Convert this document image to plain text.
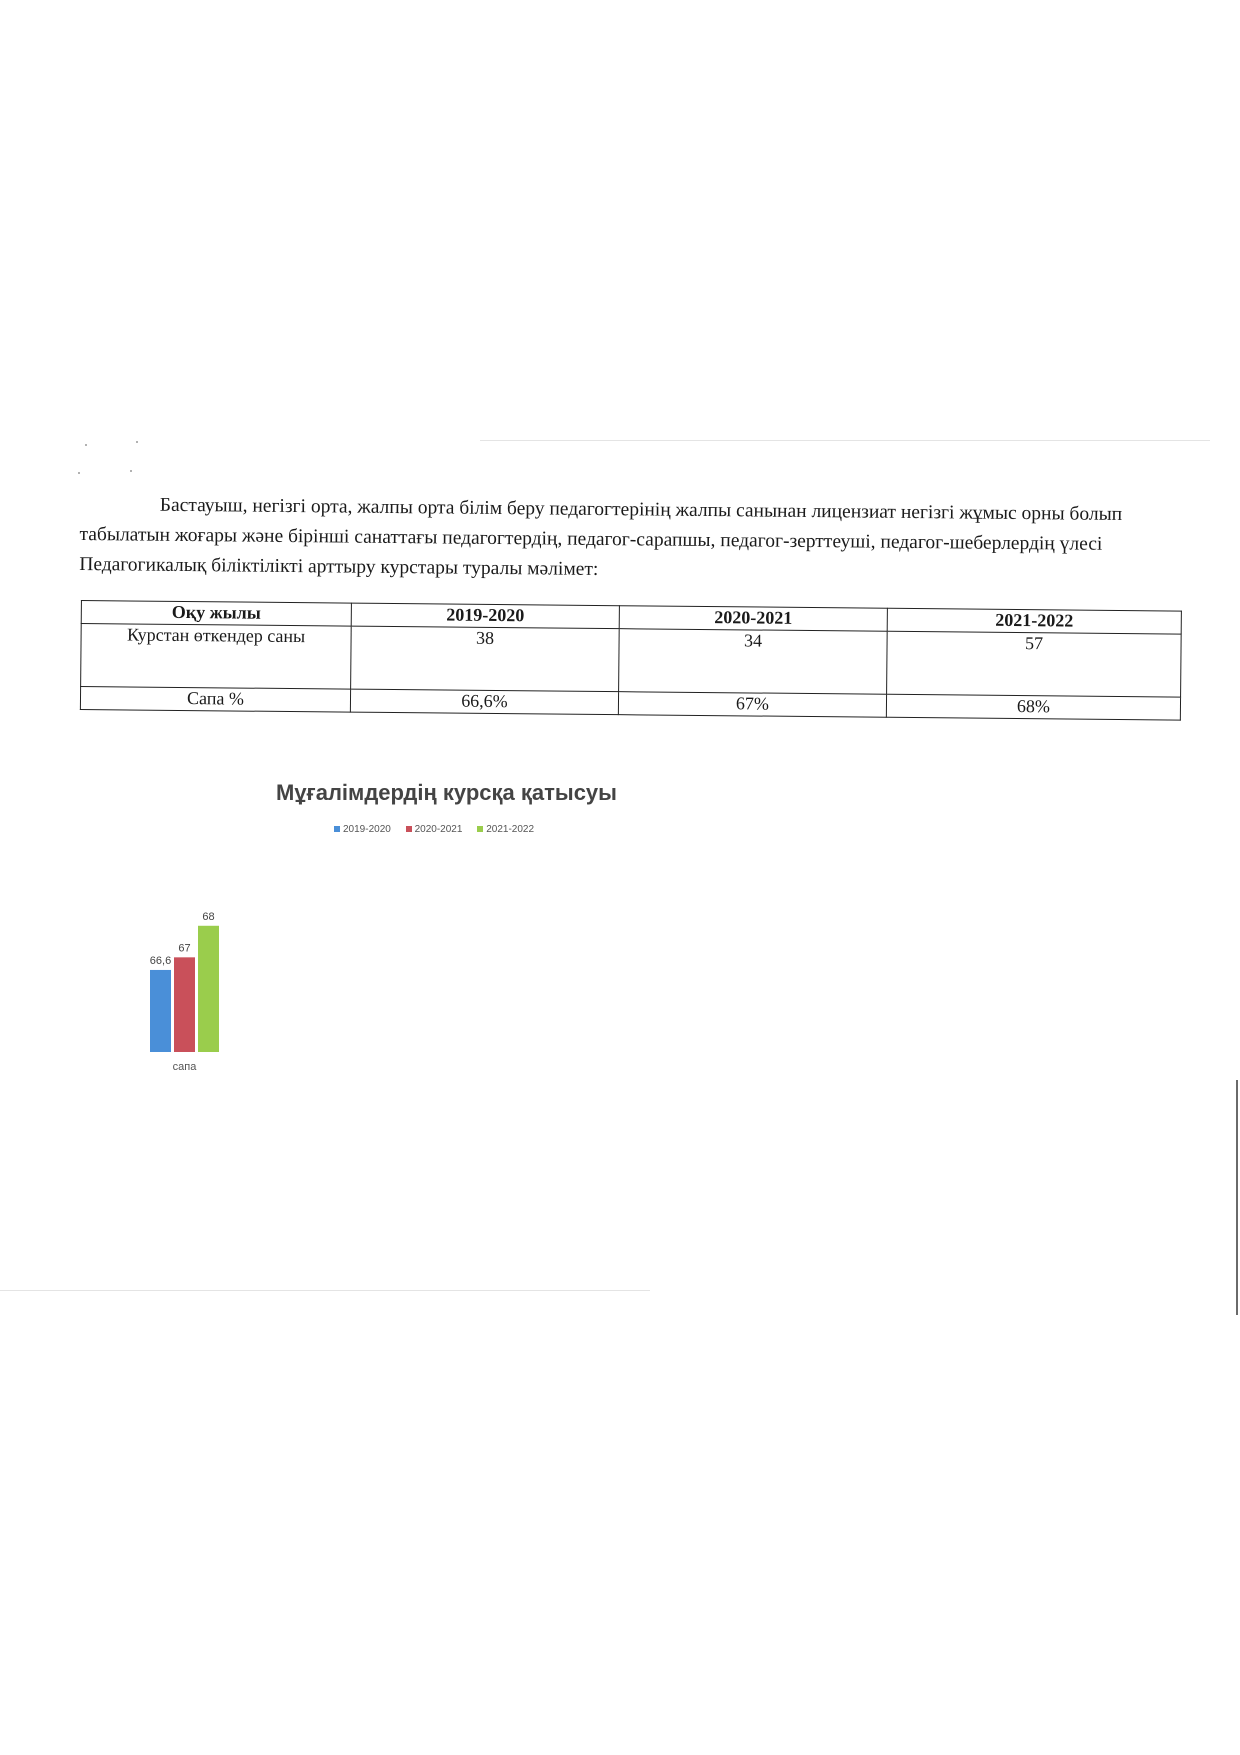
Бастауыш, негізгі орта, жалпы орта білім беру педагогтерінің жалпы санынан лицензиат негізгі жұмыс орны болып

табылатын жоғары және бірінші санаттағы педагогтердің, педагог-сарапшы, педагог-зерттеуші, педагог-шеберлердің үлесі

Педагогикалық біліктілікті арттыру курстары туралы мәлімет:

Оқу жылы	2019-2020	2020-2021	2021-2022
Курстан өткендер саны	38	34	57
Сапа %	66,6%	67%	68%
Мұғалімдердің курсқа қатысуы
2019-2020 2020-2021 2021-2022
66,6
67
68
сапа
